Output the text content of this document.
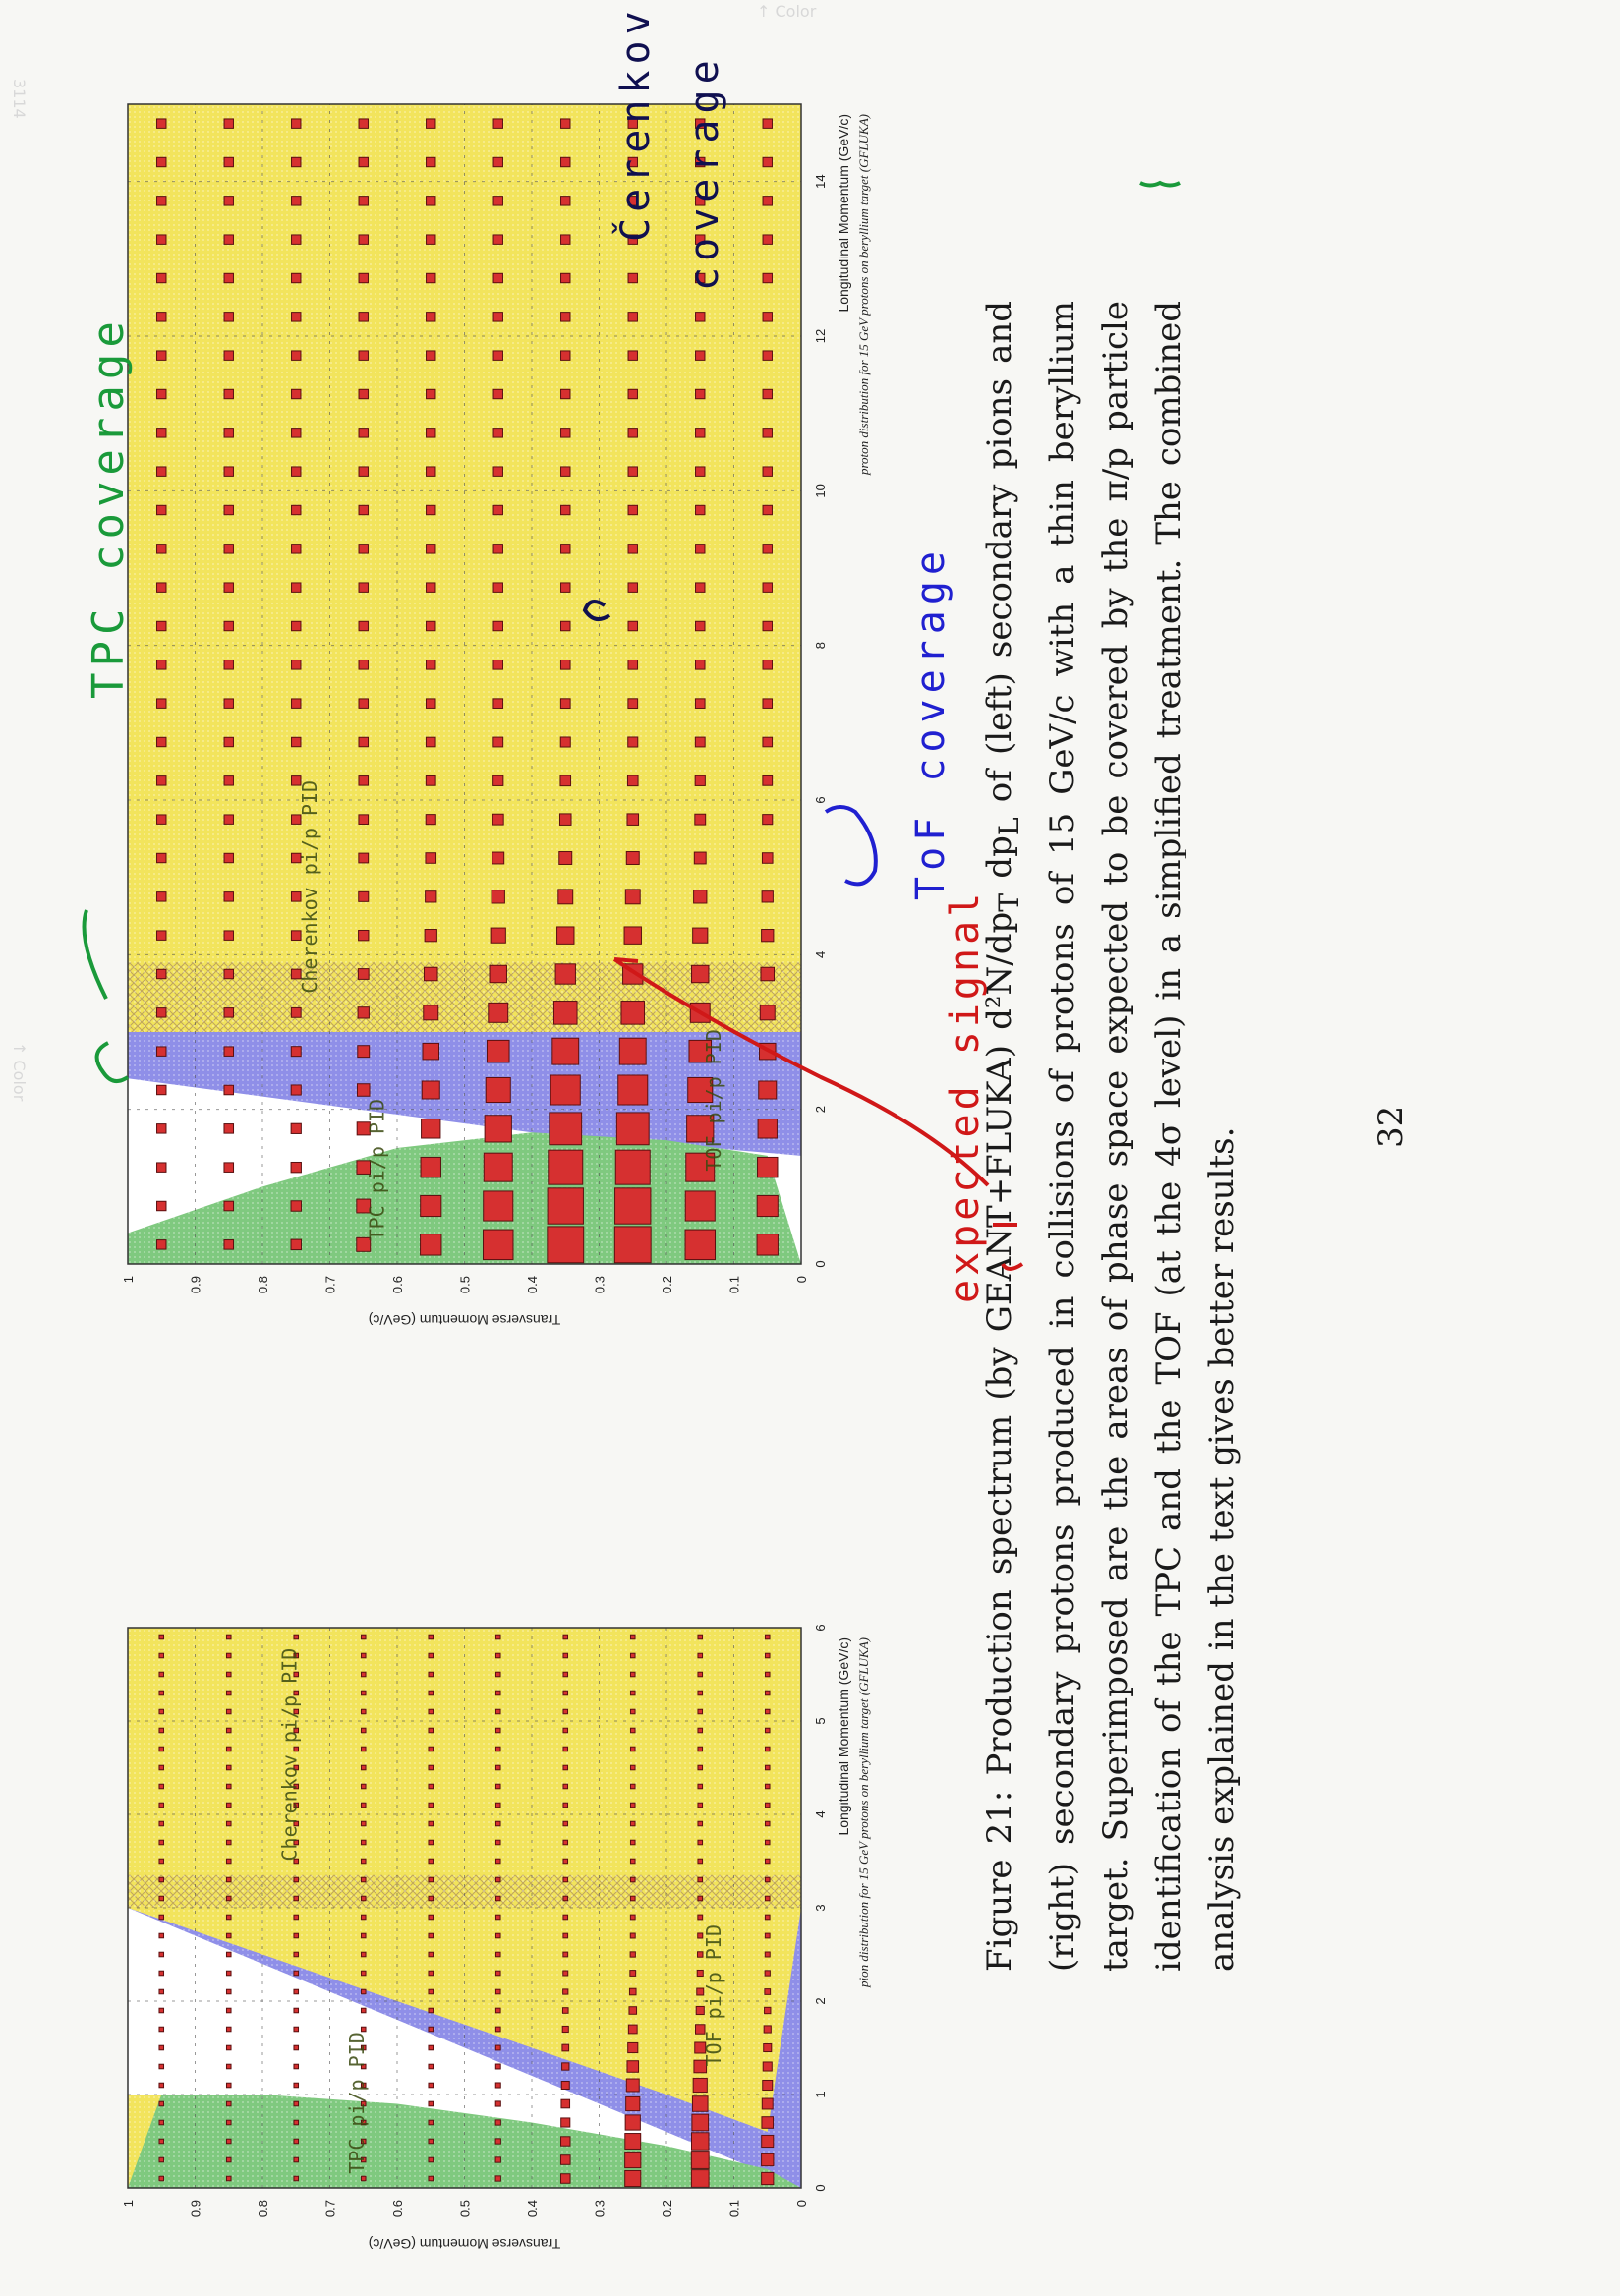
↑ Color
↑ Color
3114
0
0.1
0.2
0.3
0.4
0.5
0.6
0.7
0.8
0.9
1
0
1
2
3
4
5
6
Transverse Momentum (GeV/c)
Longitudinal Momentum (GeV/c) pion distribution for 15 GeV protons on beryllium target (GFLUKA)
TPC pi/p PID
TOF pi/p PID
Cherenkov pi/p PID
0
0.1
0.2
0.3
0.4
0.5
0.6
0.7
0.8
0.9
1
0
2
4
6
8
10
12
14
Transverse Momentum (GeV/c)
Longitudinal Momentum (GeV/c) proton distribution for 15 GeV protons on beryllium target (GFLUKA)
TPC pi/p PID	TOF pi/p PID
Cherenkov pi/p PID
Figure 21: Production spectrum (by GEANT+FLUKA) d²N/$dp_T$ $dp_L$ of (left) secondary pions and (right) secondary protons produced in collisions of protons of 15 GeV/c with a thin beryllium target. Superimposed are the areas of phase space expected to be covered by the π/p particle identification of the TPC and the TOF (at the 4σ level) in a simplified treatment. The combined analysis explained in the text gives better results.
32
TPC coverage
ToF coverage
Čerenkov coverage
expected signal
